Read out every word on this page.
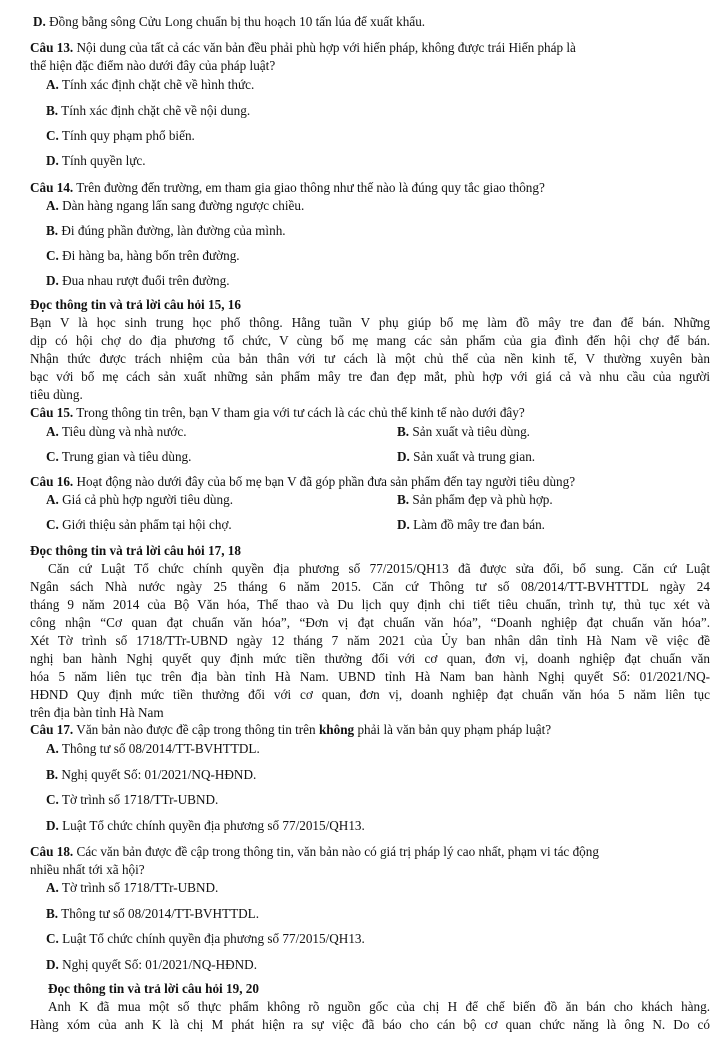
D. Đồng bằng sông Cửu Long chuẩn bị thu hoạch 10 tấn lúa để xuất khẩu.
Câu 13. Nội dung của tất cả các văn bản đều phải phù hợp với hiến pháp, không được trái Hiến pháp là
thể hiện đặc điểm nào dưới đây của pháp luật?
A. Tính xác định chặt chẽ về hình thức.
B. Tính xác định chặt chẽ về nội dung.
C. Tính quy phạm phổ biến.
D. Tính quyền lực.
Câu 14. Trên đường đến trường, em tham gia giao thông như thế nào là đúng quy tắc giao thông?
A. Dàn hàng ngang lấn sang đường ngược chiều.
B. Đi đúng phần đường, làn đường của mình.
C. Đi hàng ba, hàng bốn trên đường.
D. Đua nhau rượt đuổi trên đường.
Đọc thông tin và trả lời câu hỏi 15, 16
Bạn V là học sinh trung học phổ thông. Hằng tuần V phụ giúp bố mẹ làm đồ mây tre đan để bán. Những
dịp có hội chợ do địa phương tổ chức, V cùng bố mẹ mang các sản phẩm của gia đình đến hội chợ để bán.
Nhận thức được trách nhiệm của bản thân với tư cách là một chủ thể của nền kinh tế, V thường xuyên bàn
bạc với bố mẹ cách sản xuất những sản phẩm mây tre đan đẹp mắt, phù hợp với giá cả và nhu cầu của người
tiêu dùng.
Câu 15. Trong thông tin trên, bạn V tham gia với tư cách là các chủ thể kinh tế nào dưới đây?
A. Tiêu dùng và nhà nước.	B. Sản xuất và tiêu dùng.
C. Trung gian và tiêu dùng.	D. Sản xuất và trung gian.
Câu 16. Hoạt động nào dưới đây của bố mẹ bạn V đã góp phần đưa sản phẩm đến tay người tiêu dùng?
A. Giá cả phù hợp người tiêu dùng.	B. Sản phẩm đẹp và phù hợp.
C. Giới thiệu sản phẩm tại hội chợ.	D. Làm đồ mây tre đan bán.
Đọc thông tin và trả lời câu hỏi 17, 18
Căn cứ Luật Tổ chức chính quyền địa phương số 77/2015/QH13 đã được sửa đổi, bổ sung. Căn cứ Luật
Ngân sách Nhà nước ngày 25 tháng 6 năm 2015. Căn cứ Thông tư số 08/2014/TT-BVHTTDL ngày 24
tháng 9 năm 2014 của Bộ Văn hóa, Thể thao và Du lịch quy định chi tiết tiêu chuẩn, trình tự, thủ tục xét và
công nhận “Cơ quan đạt chuẩn văn hóa”, “Đơn vị đạt chuẩn văn hóa”, “Doanh nghiệp đạt chuẩn văn hóa”.
Xét Tờ trình số 1718/TTr-UBND ngày 12 tháng 7 năm 2021 của Ủy ban nhân dân tỉnh Hà Nam về việc đề
nghị ban hành Nghị quyết quy định mức tiền thưởng đối với cơ quan, đơn vị, doanh nghiệp đạt chuẩn văn
hóa 5 năm liên tục trên địa bàn tỉnh Hà Nam. UBND tỉnh Hà Nam ban hành Nghị quyết Số: 01/2021/NQ-
HĐND Quy định mức tiền thưởng đối với cơ quan, đơn vị, doanh nghiệp đạt chuẩn văn hóa 5 năm liên tục
trên địa bàn tỉnh Hà Nam
Câu 17. Văn bản nào được đề cập trong thông tin trên không phải là văn bản quy phạm pháp luật?
A. Thông tư số 08/2014/TT-BVHTTDL.
B. Nghị quyết Số: 01/2021/NQ-HĐND.
C. Tờ trình số 1718/TTr-UBND.
D. Luật Tổ chức chính quyền địa phương số 77/2015/QH13.
Câu 18. Các văn bản được đề cập trong thông tin, văn bản nào có giá trị pháp lý cao nhất, phạm vi tác động
nhiều nhất tới xã hội?
A. Tờ trình số 1718/TTr-UBND.
B. Thông tư số 08/2014/TT-BVHTTDL.
C. Luật Tổ chức chính quyền địa phương số 77/2015/QH13.
D. Nghị quyết Số: 01/2021/NQ-HĐND.
Đọc thông tin và trả lời câu hỏi 19, 20
Anh K đã mua một số thực phẩm không rõ nguồn gốc của chị H để chế biến đồ ăn bán cho khách hàng.
Hàng xóm của anh K là chị M phát hiện ra sự việc đã báo cho cán bộ cơ quan chức năng là ông N. Do có
